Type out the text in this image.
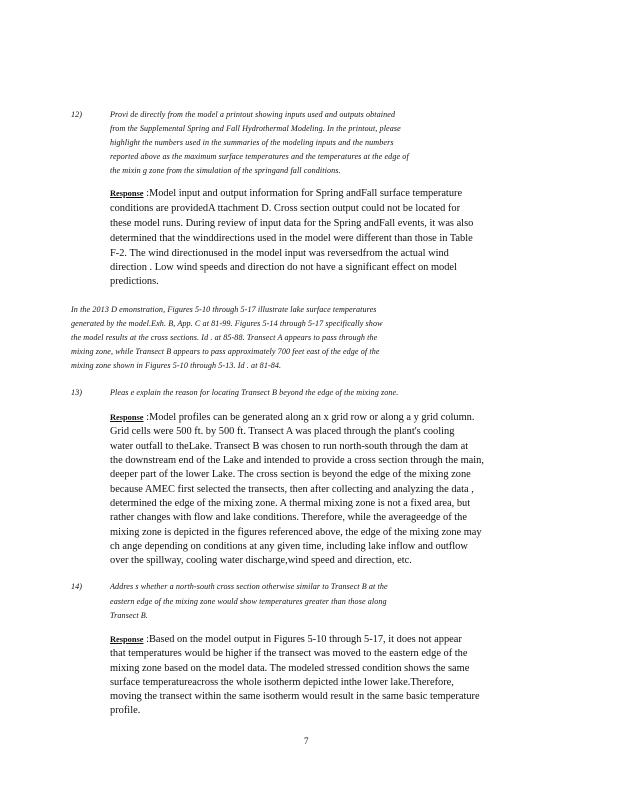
12)	Provi de directly from the model a printout showing inputs used and outputs obtained
from the Supplemental Spring and Fall Hydrothermal Modeling. In the printout, please
highlight the numbers used in the summaries of the modeling inputs and the numbers
reported above as the maximum surface temperatures and the temperatures at the edge of
the mixin g zone from the simulation of the springand fall conditions.
Response :Model input and output information for Spring andFall surface temperature
conditions are providedA ttachment D. Cross section output could not be located for
these model runs. During review of input data for the Spring andFall events, it was also
determined that the winddirections used in the model were different than those in Table
F-2. The wind directionused in the model input was reversedfrom the actual wind
direction . Low wind speeds and direction do not have a significant effect on model
predictions.
In the 2013 D emonstration, Figures 5-10 through 5-17 illustrate lake surface temperatures
generated by the model.Exh. B, App. C at 81-99. Figures 5-14 through 5-17 specifically show
the model results at the cross sections. Id . at 85-88. Transect A appears to pass through the
mixing zone, while Transect B appears to pass approximately 700 feet east of the edge of the
mixing zone shown in Figures 5-10 through 5-13. Id . at 81-84.
13)	Pleas e explain the reason for locating Transect B beyond the edge of the mixing zone.
Response :Model profiles can be generated along an x grid row or along a y grid column.
Grid cells were 500 ft. by 500 ft. Transect A was placed through the plant's cooling
water outfall to theLake. Transect B was chosen to run north-south through the dam at
the downstream end of the Lake and intended to provide a cross section through the main,
deeper part of the lower Lake. The cross section is beyond the edge of the mixing zone
because AMEC first selected the transects, then after collecting and analyzing the data ,
determined the edge of the mixing zone. A thermal mixing zone is not a fixed area, but
rather changes with flow and lake conditions. Therefore, while the averageedge of the
mixing zone is depicted in the figures referenced above, the edge of the mixing zone may
ch ange depending on conditions at any given time, including lake inflow and outflow
over the spillway, cooling water discharge,wind speed and direction, etc.
14)	Addres s whether a north-south cross section otherwise similar to Transect B at the
eastern edge of the mixing zone would show temperatures greater than those along
Transect B.
Response :Based on the model output in Figures 5-10 through 5-17, it does not appear
that temperatures would be higher if the transect was moved to the eastern edge of the
mixing zone based on the model data. The modeled stressed condition shows the same
surface temperatureacross the whole isotherm depicted inthe lower lake.Therefore,
moving the transect within the same isotherm would result in the same basic temperature
profile.
7
